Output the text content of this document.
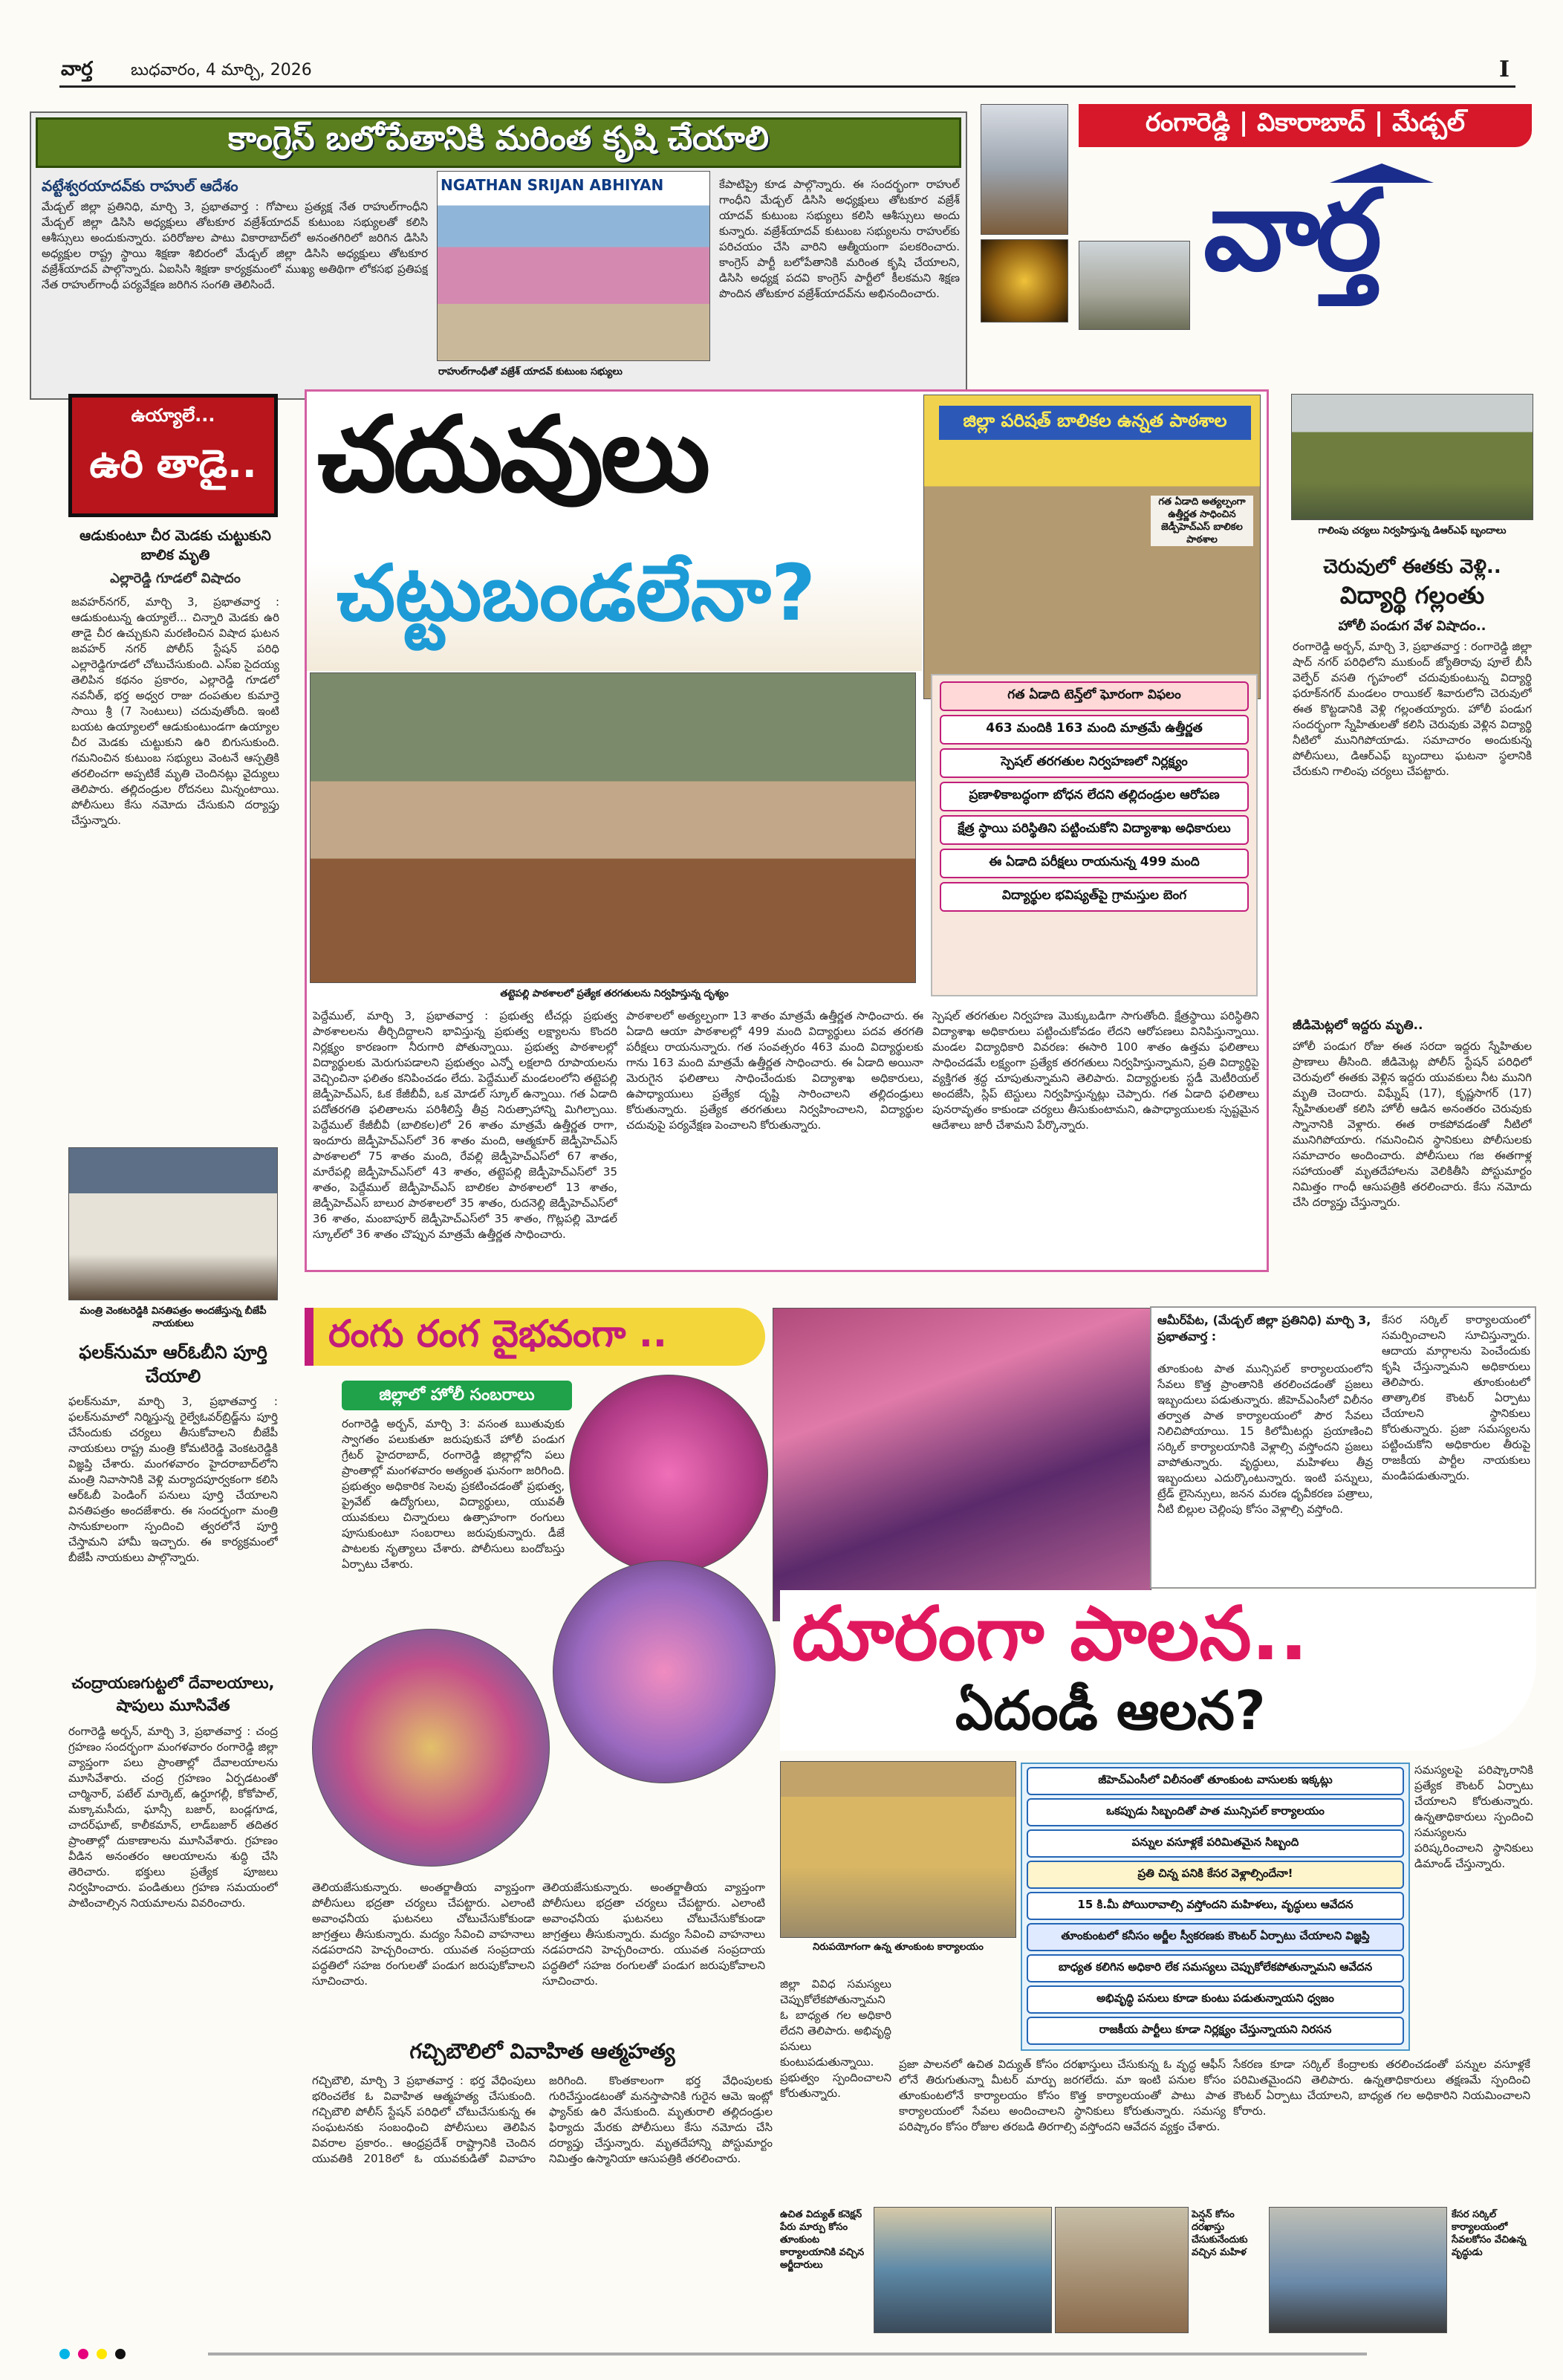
వార్త బుధవారం, 4 మార్చి, 2026	I
కాంగ్రెస్ బలోపేతానికి మరింత కృషి చేయాలి
వట్టేశ్వరయాదవ్‌కు రాహుల్ ఆదేశం
మేడ్చల్ జిల్లా ప్రతినిధి, మార్చి 3, ప్రభాతవార్త : గోపాలు ప్రత్యక్ష నేత రాహుల్‌గాంధీని మేడ్చల్ జిల్లా డిసిసి అధ్యక్షులు తోటకూర వజ్రేశ్‌యాదవ్ కుటుంబ సభ్యులతో కలిసి ఆశీస్సులు అందుకున్నారు. పరిరోజుల పాటు వికారాబాద్‌లో అనంతగిరిలో జరిగిన డిసిసి అధ్యక్షుల రాష్ట్ర స్థాయి శిక్షణా శిబిరంలో మేడ్చల్ జిల్లా డిసిసి అధ్యక్షులు తోటకూర వజ్రేశ్‌యాదవ్ పాల్గొన్నారు. ఏఐసిసి శిక్షణా కార్యక్రమంలో ముఖ్య అతిథిగా లోకసభ ప్రతిపక్ష నేత రాహుల్‌గాంధీ పర్యవేక్షణ జరిగిన సంగతి తెలిసిందే.
NGATHAN SRIJAN ABHIYAN
రాహుల్‌గాంధీతో వజ్రేశ్ యాదవ్ కుటుంబ సభ్యులు
కేపాటిప్రై కూడ పాల్గొన్నారు. ఈ సందర్భంగా రాహుల్ గాంధీని మేడ్చల్ డిసిసి అధ్యక్షులు తోటకూర వజ్రేశ్ యాదవ్ కుటుంబ సభ్యులు కలిసి ఆశీస్సులు అందు కున్నారు. వజ్రేశ్‌యాదవ్ కుటుంబ సభ్యులను రాహుల్‌కు పరిచయం చేసి వారిని ఆత్మీయంగా పలకరించారు. కాంగ్రెస్ పార్టీ బలోపేతానికి మరింత కృషి చేయాలని, డిసిసి అధ్యక్ష పదవి కాంగ్రెస్ పార్టీలో కీలకమని శిక్షణ పొందిన తోటకూర వజ్రేశ్‌యాదవ్‌ను అభినందించారు.
రంగారెడ్డి | వికారాబాద్ | మేడ్చల్
వార్త
ఉయ్యాలే...
ఉరి తాడై..
ఆడుకుంటూ చీర మెడకు చుట్టుకుని బాలిక మృతి
ఎల్లారెడ్డి గూడలో విషాదం
జవహర్‌నగర్, మార్చి 3, ప్రభాతవార్త : ఆడుకుంటున్న ఉయ్యాలే... చిన్నారి మెడకు ఉరి తాడై చీర ఉచ్చుకుని మరణించిన విషాద ఘటన జవహర్ నగర్ పోలీస్ స్టేషన్ పరిధి ఎల్లారెడ్డిగూడలో చోటుచేసుకుంది. ఎస్ఐ సైదయ్య తెలిపిన కథనం ప్రకారం, ఎల్లారెడ్డి గూడలో నవనీత్, భర్త అధ్వర రాజు దంపతుల కుమార్తె సాయి శ్రీ (7 సెంటులు) చదువుతోంది. ఇంటి బయట ఉయ్యాలలో ఆడుకుంటుండగా ఉయ్యాల చీర మెడకు చుట్టుకుని ఉరి బిగుసుకుంది. గమనించిన కుటుంబ సభ్యులు వెంటనే ఆస్పత్రికి తరలించగా అప్పటికే మృతి చెందినట్లు వైద్యులు తెలిపారు. తల్లిదండ్రుల రోదనలు మిన్నంటాయి. పోలీసులు కేసు నమోదు చేసుకుని దర్యాప్తు చేస్తున్నారు.
చదువులు
చట్టుబండలేనా?
తట్టెపల్లి పాఠశాలలో ప్రత్యేక తరగతులను నిర్వహిస్తున్న దృశ్యం
జిల్లా పరిషత్ బాలికల ఉన్నత పాఠశాల
గత ఏడాది అత్యల్పంగా ఉత్తీర్ణత సాధించిన జెడ్పీహెచ్ఎస్ బాలికల పాఠశాల
గత ఏడాది టెన్త్‌లో ఘోరంగా విఫలం
463 మందికి 163 మంది మాత్రమే ఉత్తీర్ణత
స్పెషల్ తరగతుల నిర్వహణలో నిర్లక్ష్యం
ప్రణాళికాబద్ధంగా బోధన లేదని తల్లిదండ్రుల ఆరోపణ
క్షేత్ర స్థాయి పరిస్థితిని పట్టించుకోని విద్యాశాఖ అధికారులు
ఈ ఏడాది పరీక్షలు రాయనున్న 499 మంది
విద్యార్థుల భవిష్యత్‌పై గ్రామస్తుల బెంగ
పెద్దేముల్, మార్చి 3, ప్రభాతవార్త : ప్రభుత్వ టీచర్లు ప్రభుత్వ పాఠశాలలను తీర్చిదిద్దాలని భావిస్తున్న ప్రభుత్వ లక్ష్యాలను కొందరి నిర్లక్ష్యం కారణంగా నీరుగారి పోతున్నాయి. ప్రభుత్వ పాఠశాలల్లో విద్యార్థులకు మెరుగుపడాలని ప్రభుత్వం ఎన్నో లక్షలాది రూపాయలను వెచ్చించినా ఫలితం కనిపించడం లేదు. పెద్దేముల్ మండలంలోని తట్టెపల్లి జెడ్పీహెచ్ఎస్, ఓక కేజీబీవీ, ఒక మోడల్ స్కూల్ ఉన్నాయి. గత ఏడాది పదోతరగతి ఫలితాలను పరిశీలిస్తే తీవ్ర నిరుత్సాహాన్ని మిగిల్చాయి. పెద్దేముల్ కేజీబీవీ (బాలికల)లో 26 శాతం మాత్రమే ఉత్తీర్ణత రాగా, ఇందూరు జెడ్పీహెచ్ఎస్‌లో 36 శాతం మంది, ఆత్మకూర్ జెడ్పీహెచ్ఎస్ పాఠశాలలో 75 శాతం మంది, రేవల్లి జెడ్పీహెచ్ఎస్‌లో 67 శాతం, మారేపల్లి జెడ్పీహెచ్ఎస్‌లో 43 శాతం, తట్టెపల్లి జెడ్పీహెచ్ఎస్‌లో 35 శాతం, పెద్దేముల్ జెడ్పీహెచ్ఎస్ బాలికల పాఠశాలలో 13 శాతం, జెడ్పీహెచ్ఎస్ బాలుర పాఠశాలలో 35 శాతం, రుదనెల్లి జెడ్పీహెచ్ఎస్‌లో 36 శాతం, మంబాపూర్ జెడ్పీహెచ్ఎస్‌లో 35 శాతం, గొట్లపల్లి మోడల్ స్కూల్‌లో 36 శాతం చొప్పున మాత్రమే ఉత్తీర్ణత సాధించారు.
పాఠశాలలో అత్యల్పంగా 13 శాతం మాత్రమే ఉత్తీర్ణత సాధించారు. ఈ ఏడాది ఆయా పాఠశాలల్లో 499 మంది విద్యార్థులు పదవ తరగతి పరీక్షలు రాయనున్నారు. గత సంవత్సరం 463 మంది విద్యార్థులకు గాను 163 మంది మాత్రమే ఉత్తీర్ణత సాధించారు. ఈ ఏడాది అయినా మెరుగైన ఫలితాలు సాధించేందుకు విద్యాశాఖ అధికారులు, ఉపాధ్యాయులు ప్రత్యేక దృష్టి సారించాలని తల్లిదండ్రులు కోరుతున్నారు. ప్రత్యేక తరగతులు నిర్వహించాలని, విద్యార్థుల చదువుపై పర్యవేక్షణ పెంచాలని కోరుతున్నారు.
స్పెషల్ తరగతుల నిర్వహణ మొక్కుబడిగా సాగుతోంది. క్షేత్రస్థాయి పరిస్థితిని విద్యాశాఖ అధికారులు పట్టించుకోవడం లేదని ఆరోపణలు వినిపిస్తున్నాయి. మండల విద్యాధికారి వివరణ: ఈసారి 100 శాతం ఉత్తమ ఫలితాలు సాధించడమే లక్ష్యంగా ప్రత్యేక తరగతులు నిర్వహిస్తున్నామని, ప్రతి విద్యార్థిపై వ్యక్తిగత శ్రద్ధ చూపుతున్నామని తెలిపారు. విద్యార్థులకు స్టడీ మెటీరియల్ అందజేసి, స్లిప్ టెస్టులు నిర్వహిస్తున్నట్లు చెప్పారు. గత ఏడాది ఫలితాలు పునరావృతం కాకుండా చర్యలు తీసుకుంటామని, ఉపాధ్యాయులకు స్పష్టమైన ఆదేశాలు జారీ చేశామని పేర్కొన్నారు.
గాలింపు చర్యలు నిర్వహిస్తున్న డిఆర్ఎఫ్ బృందాలు
చెరువులో ఈతకు వెళ్లి..
విద్యార్థి గల్లంతు
హోలీ పండుగ వేళ విషాదం..
రంగారెడ్డి అర్బన్, మార్చి 3, ప్రభాతవార్త : రంగారెడ్డి జిల్లా షాద్ నగర్ పరిధిలోని ముకుంద్ జ్యోతిరావు పూలే బీసీ వెల్ఫేర్ వసతి గృహంలో చదువుకుంటున్న విద్యార్థి ఫరూక్‌నగర్ మండలం రాయికల్ శివారులోని చెరువులో ఈత కొట్టడానికి వెళ్లి గల్లంతయ్యారు. హోలీ పండుగ సందర్భంగా స్నేహితులతో కలిసి చెరువుకు వెళ్లిన విద్యార్థి నీటిలో మునిగిపోయాడు. సమాచారం అందుకున్న పోలీసులు, డిఆర్ఎఫ్ బృందాలు ఘటనా స్థలానికి చేరుకుని గాలింపు చర్యలు చేపట్టారు.
జీడిమెట్లలో ఇద్దరు మృతి..
హోలీ పండుగ రోజు ఈత సరదా ఇద్దరు స్నేహితుల ప్రాణాలు తీసింది. జీడిమెట్ల పోలీస్ స్టేషన్ పరిధిలో చెరువులో ఈతకు వెళ్లిన ఇద్దరు యువకులు నీట మునిగి మృతి చెందారు. విఘ్నేష్ (17), కృష్ణసాగర్ (17) స్నేహితులతో కలిసి హోలీ ఆడిన అనంతరం చెరువుకు స్నానానికి వెళ్లారు. ఈత రాకపోవడంతో నీటిలో మునిగిపోయారు. గమనించిన స్థానికులు పోలీసులకు సమాచారం అందించారు. పోలీసులు గజ ఈతగాళ్ల సహాయంతో మృతదేహాలను వెలికితీసి పోస్టుమార్టం నిమిత్తం గాంధీ ఆసుపత్రికి తరలించారు. కేసు నమోదు చేసి దర్యాప్తు చేస్తున్నారు.
మంత్రి వెంకటరెడ్డికి వినతిపత్రం అందజేస్తున్న బీజేపీ నాయకులు
ఫలక్‌నుమా ఆర్ఓబీని పూర్తి చేయాలి
ఫలక్‌నుమా, మార్చి 3, ప్రభాతవార్త : ఫలక్‌నుమాలో నిర్మిస్తున్న రైల్వేఓవర్‌బ్రిడ్జ్‌ను పూర్తి చేసేందుకు చర్యలు తీసుకోవాలని బీజేపీ నాయకులు రాష్ట్ర మంత్రి కోమటిరెడ్డి వెంకటరెడ్డికి విజ్ఞప్తి చేశారు. మంగళవారం హైదరాబాద్‌లోని మంత్రి నివాసానికి వెళ్లి మర్యాదపూర్వకంగా కలిసి ఆర్ఓబీ పెండింగ్ పనులు పూర్తి చేయాలని వినతిపత్రం అందజేశారు. ఈ సందర్భంగా మంత్రి సానుకూలంగా స్పందించి త్వరలోనే పూర్తి చేస్తామని హామీ ఇచ్చారు. ఈ కార్యక్రమంలో బీజేపీ నాయకులు పాల్గొన్నారు.
చంద్రాయణగుట్టలో దేవాలయాలు, షాపులు మూసివేత
రంగారెడ్డి అర్బన్, మార్చి 3, ప్రభాతవార్త : చంద్ర గ్రహణం సందర్భంగా మంగళవారం రంగారెడ్డి జిల్లా వ్యాప్తంగా పలు ప్రాంతాల్లో దేవాలయాలను మూసివేశారు. చంద్ర గ్రహణం ఏర్పడటంతో చార్మినార్, పటేల్ మార్కెట్, ఉర్దూగల్లీ, కోకోపాల్, మక్కామసీదు, ఘాన్సీ బజార్, బండ్లగూడ, చాదర్‌ఘాట్, కాలీకమాన్, లాడ్‌బజార్ తదితర ప్రాంతాల్లో దుకాణాలను మూసివేశారు. గ్రహణం వీడిన అనంతరం ఆలయాలను శుద్ధి చేసి తెరిచారు. భక్తులు ప్రత్యేక పూజలు నిర్వహించారు. పండితులు గ్రహణ సమయంలో పాటించాల్సిన నియమాలను వివరించారు.
రంగు రంగ వైభవంగా ..
జిల్లాలో హోలీ సంబరాలు
రంగారెడ్డి అర్బన్, మార్చి 3: వసంత ఋతువుకు స్వాగతం పలుకుతూ జరుపుకునే హోలీ పండుగ గ్రేటర్ హైదరాబాద్, రంగారెడ్డి జిల్లాల్లోని పలు ప్రాంతాల్లో మంగళవారం అత్యంత ఘనంగా జరిగింది. ప్రభుత్వం అధికారిక సెలవు ప్రకటించడంతో ప్రభుత్వ, ప్రైవేట్ ఉద్యోగులు, విద్యార్థులు, యువతీ యువకులు చిన్నారులు ఉత్సాహంగా రంగులు పూసుకుంటూ సంబరాలు జరుపుకున్నారు. డీజే పాటలకు నృత్యాలు చేశారు. పోలీసులు బందోబస్తు ఏర్పాటు చేశారు.
తెలియజేసుకున్నారు. అంతర్జాతీయ వ్యాప్తంగా పోలీసులు భద్రతా చర్యలు చేపట్టారు. ఎలాంటి అవాంఛనీయ ఘటనలు చోటుచేసుకోకుండా జాగ్రత్తలు తీసుకున్నారు. మద్యం సేవించి వాహనాలు నడపరాదని హెచ్చరించారు. యువత సంప్రదాయ పద్ధతిలో సహజ రంగులతో పండుగ జరుపుకోవాలని సూచించారు.
తెలియజేసుకున్నారు. అంతర్జాతీయ వ్యాప్తంగా పోలీసులు భద్రతా చర్యలు చేపట్టారు. ఎలాంటి అవాంఛనీయ ఘటనలు చోటుచేసుకోకుండా జాగ్రత్తలు తీసుకున్నారు. మద్యం సేవించి వాహనాలు నడపరాదని హెచ్చరించారు. యువత సంప్రదాయ పద్ధతిలో సహజ రంగులతో పండుగ జరుపుకోవాలని సూచించారు.
ఆమీర్‌పేట, (మేడ్చల్ జిల్లా ప్రతినిధి) మార్చి 3, ప్రభాతవార్త :
తూంకుంట పాత మున్సిపల్ కార్యాలయంలోని సేవలు కొత్త ప్రాంతానికి తరలించడంతో ప్రజలు ఇబ్బందులు పడుతున్నారు. జీహెచ్ఎంసీలో విలీనం తర్వాత పాత కార్యాలయంలో పౌర సేవలు నిలిచిపోయాయి. 15 కిలోమీటర్లు ప్రయాణించి సర్కిల్ కార్యాలయానికి వెళ్లాల్సి వస్తోందని ప్రజలు వాపోతున్నారు. వృద్ధులు, మహిళలు తీవ్ర ఇబ్బందులు ఎదుర్కొంటున్నారు. ఇంటి పన్నులు, ట్రేడ్ లైసెన్సులు, జనన మరణ ధృవీకరణ పత్రాలు, నీటి బిల్లుల చెల్లింపు కోసం వెళ్లాల్సి వస్తోంది.
కేసర సర్కిల్ కార్యాలయంలో సమర్పించాలని సూచిస్తున్నారు. ఆదాయ మార్గాలను పెంచేందుకు కృషి చేస్తున్నామని అధికారులు తెలిపారు. తూంకుంటలో తాత్కాలిక కౌంటర్ ఏర్పాటు చేయాలని స్థానికులు కోరుతున్నారు. ప్రజా సమస్యలను పట్టించుకోని అధికారుల తీరుపై రాజకీయ పార్టీల నాయకులు మండిపడుతున్నారు.
దూరంగా పాలన..
ఏదండీ ఆలన?
నిరుపయోగంగా ఉన్న తూంకుంట కార్యాలయం
జీహెచ్ఎంసీలో విలీనంతో తూంకుంట వాసులకు ఇక్కట్లు
ఒకప్పుడు సిబ్బందితో పాత మున్సిపల్ కార్యాలయం
పన్నుల వసూళ్లకే పరిమితమైన సిబ్బంది
ప్రతి చిన్న పనికి కేసర వెళ్లాల్సిందేనా!
15 కి.మీ పోయిరావాల్సి వస్తోందని మహిళలు, వృద్ధులు ఆవేదన
తూంకుంటలో కనీసం అర్జీల స్వీకరణకు కౌంటర్ ఏర్పాటు చేయాలని విజ్ఞప్తి
బాధ్యత కలిగిన అధికారి లేక సమస్యలు చెప్పుకోలేకపోతున్నామని ఆవేదన
అభివృద్ధి పనులు కూడా కుంటు పడుతున్నాయని ధ్వజం
రాజకీయ పార్టీలు కూడా నిర్లక్ష్యం చేస్తున్నాయని నిరసన
సమస్యలపై పరిష్కారానికి ప్రత్యేక కౌంటర్ ఏర్పాటు చేయాలని కోరుతున్నారు. ఉన్నతాధికారులు స్పందించి సమస్యలను పరిష్కరించాలని స్థానికులు డిమాండ్ చేస్తున్నారు.
జిల్లా వివిధ సమస్యలు చెప్పుకోలేకపోతున్నామని ఓ బాధ్యత గల అధికారి లేదని తెలిపారు. అభివృద్ధి పనులు కుంటుపడుతున్నాయి. ప్రభుత్వం స్పందించాలని కోరుతున్నారు.
ప్రజా పాలనలో ఉచిత విద్యుత్ కోసం దరఖాస్తులు చేసుకున్న ఓ వృద్ధ ఆఫీస్ లోనే తిరుగుతున్నా మీటర్ మార్పు జరగలేదు. మా ఇంటి పనుల కోసం తూంకుంటలోనే కార్యాలయం కోసం కొత్త కార్యాలయంతో పాటు పాత కార్యాలయంలో సేవలు అందించాలని స్థానికులు కోరుతున్నారు. సమస్య పరిష్కారం కోసం రోజుల తరబడి తిరగాల్సి వస్తోందని ఆవేదన వ్యక్తం చేశారు.
సేకరణ కూడా సర్కిల్ కేంద్రాలకు తరలించడంతో పన్నుల వసూళ్లకే పరిమితమైందని తెలిపారు. ఉన్నతాధికారులు తక్షణమే స్పందించి కౌంటర్ ఏర్పాటు చేయాలని, బాధ్యత గల అధికారిని నియమించాలని కోరారు.
ఉచిత విద్యుత్ కనెక్షన్ పేరు మార్పు కోసం తూంకుంట కార్యాలయానికి వచ్చిన అర్జీదారులు
పెన్షన్ కోసం దరఖాస్తు చేసుకునేందుకు వచ్చిన మహిళ
కేసర సర్కిల్ కార్యాలయంలో సేవలకోసం వేచిఉన్న వృద్ధుడు
గచ్చిబౌలిలో వివాహిత ఆత్మహత్య
గచ్చిబౌలి, మార్చి 3 ప్రభాతవార్త : భర్త వేధింపులు భరించలేక ఓ వివాహిత ఆత్మహత్య చేసుకుంది. గచ్చిబౌలి పోలీస్ స్టేషన్ పరిధిలో చోటుచేసుకున్న ఈ సంఘటనకు సంబంధించి పోలీసులు తెలిపిన వివరాల ప్రకారం.. ఆంధ్రప్రదేశ్ రాష్ట్రానికి చెందిన యువతికి 2018లో ఓ యువకుడితో వివాహం జరిగింది. కొంతకాలంగా భర్త వేధింపులకు గురిచేస్తుండటంతో మనస్తాపానికి గురైన ఆమె ఇంట్లో ఫ్యాన్‌కు ఉరి వేసుకుంది. మృతురాలి తల్లిదండ్రుల ఫిర్యాదు మేరకు పోలీసులు కేసు నమోదు చేసి దర్యాప్తు చేస్తున్నారు. మృతదేహాన్ని పోస్టుమార్టం నిమిత్తం ఉస్మానియా ఆసుపత్రికి తరలించారు.
